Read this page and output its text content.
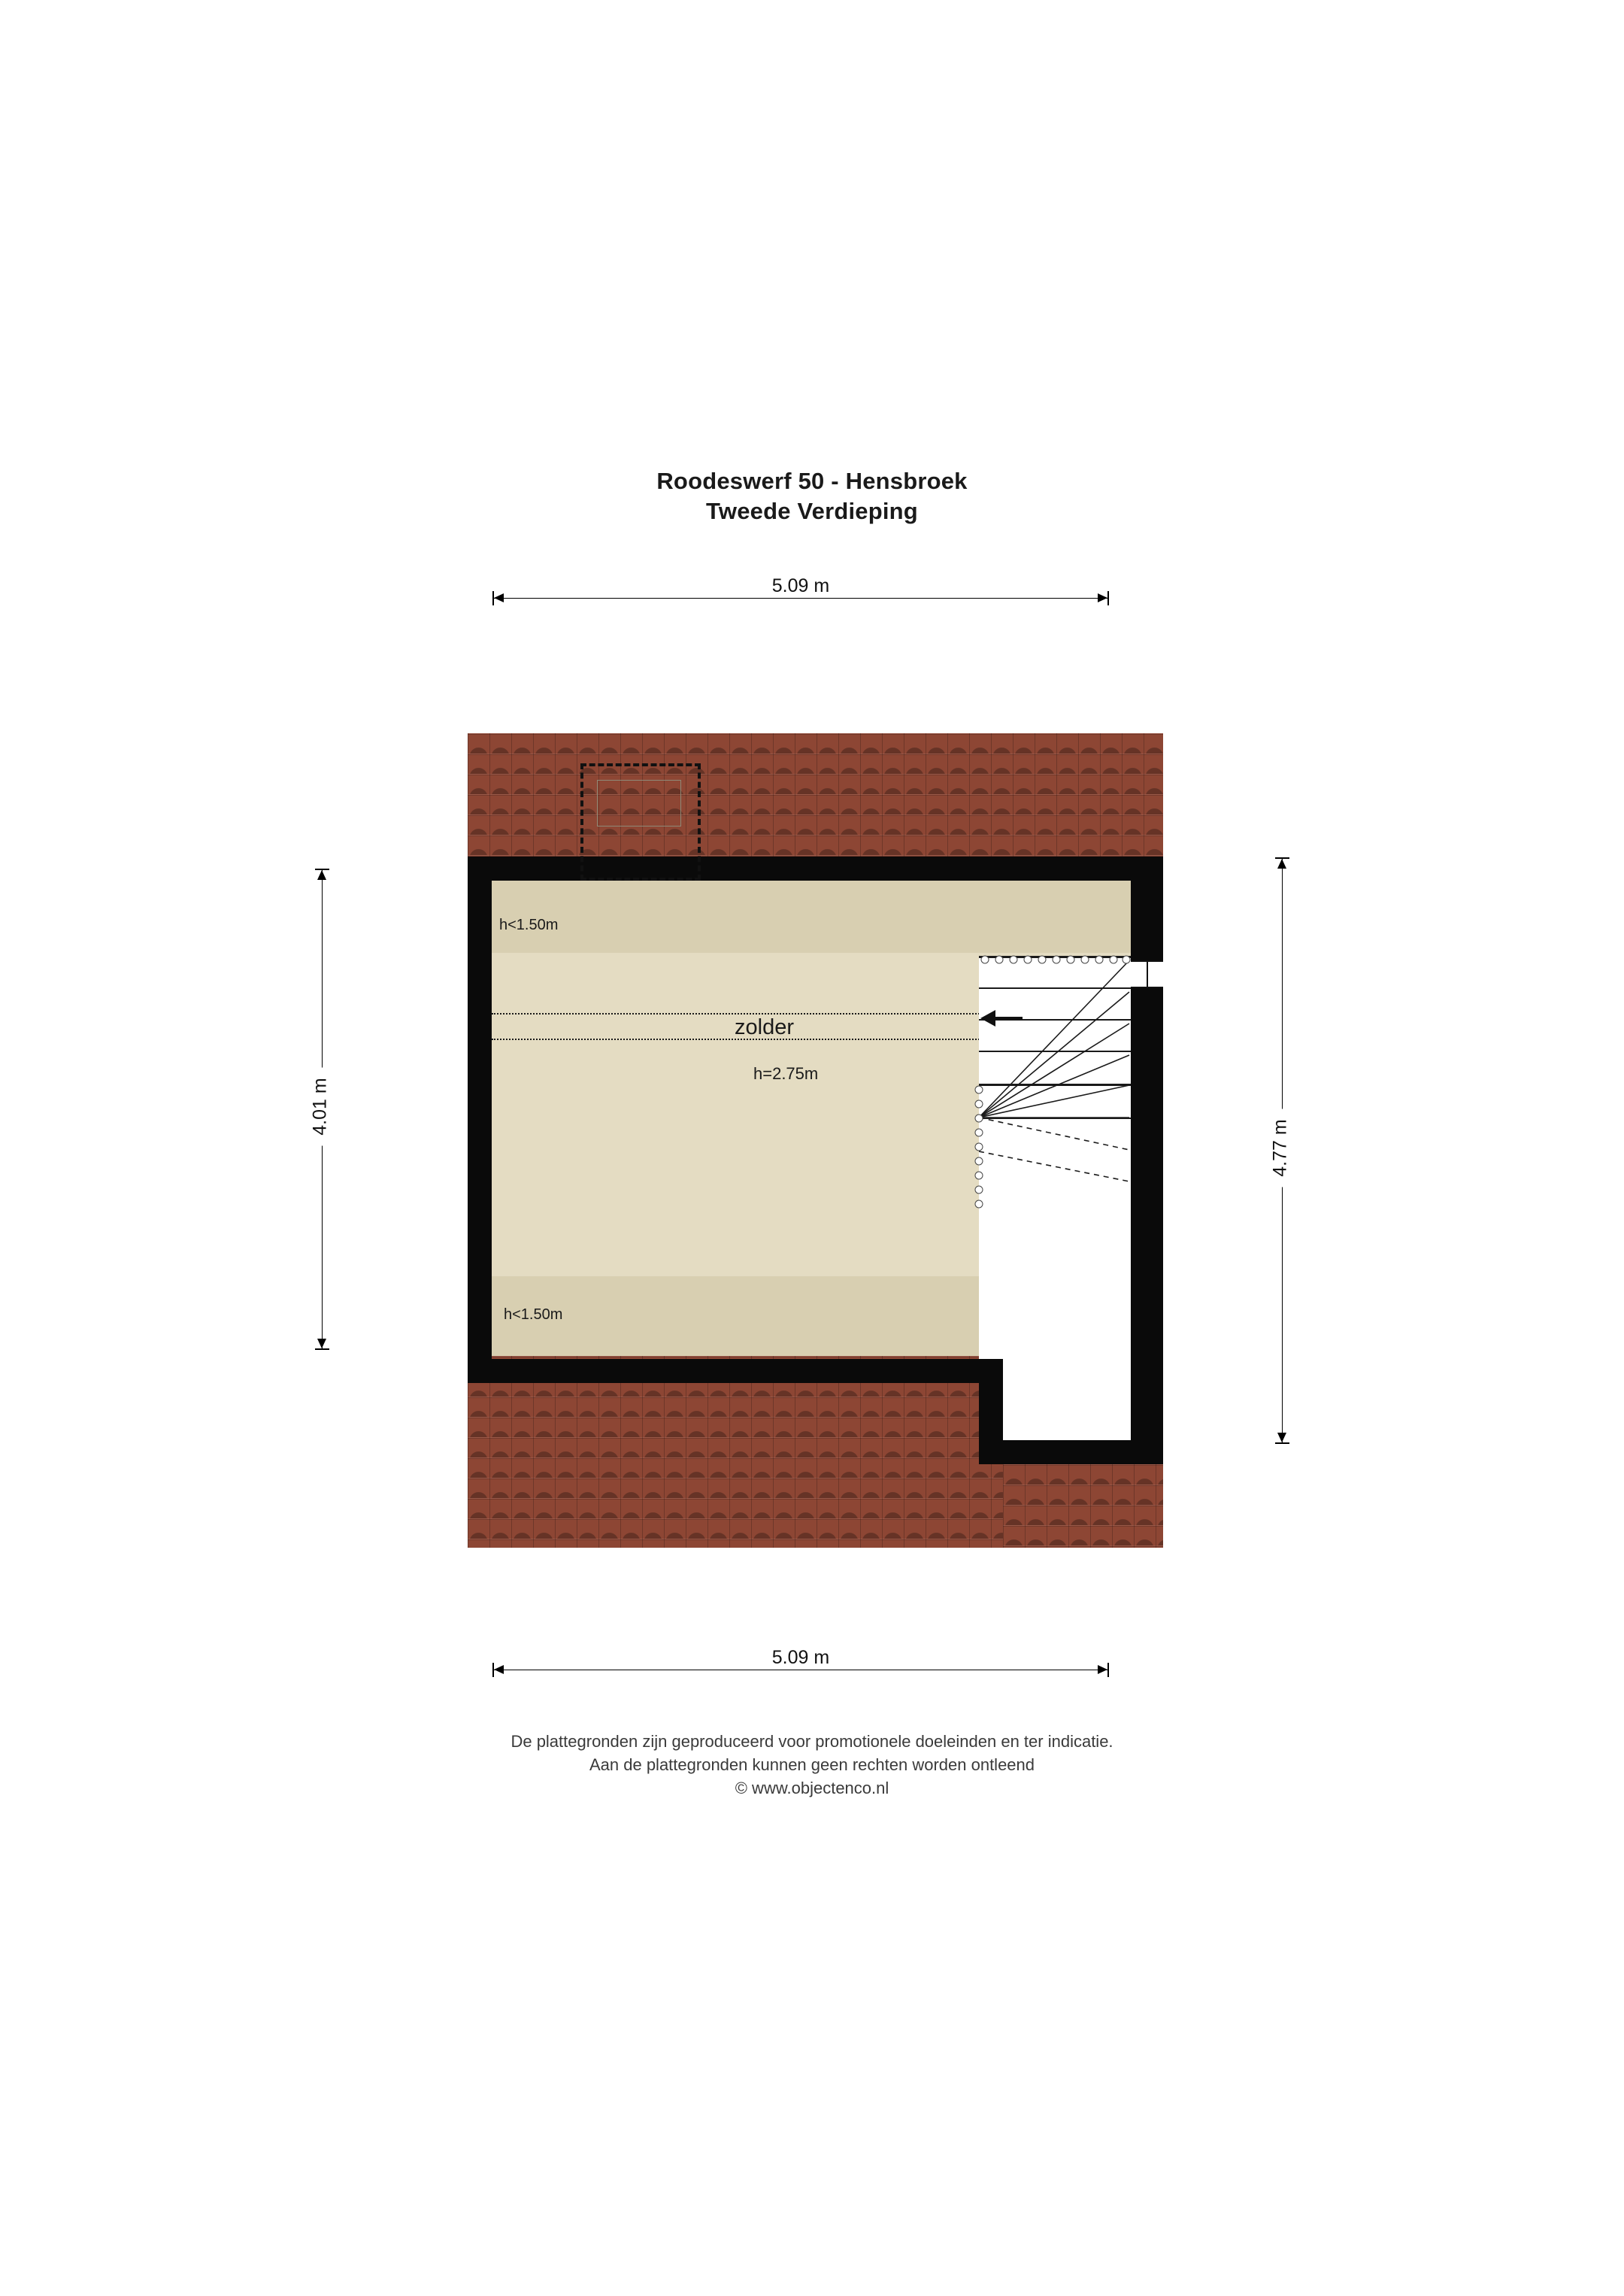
Roodeswerf 50 - Hensbroek
Tweede Verdieping
5.09 m
4.01 m
4.77 m
zolder
h=2.75m
h<1.50m
h<1.50m
5.09 m
De plattegronden zijn geproduceerd voor promotionele doeleinden en ter indicatie.
Aan de plattegronden kunnen geen rechten worden ontleend
© www.objectenco.nl
